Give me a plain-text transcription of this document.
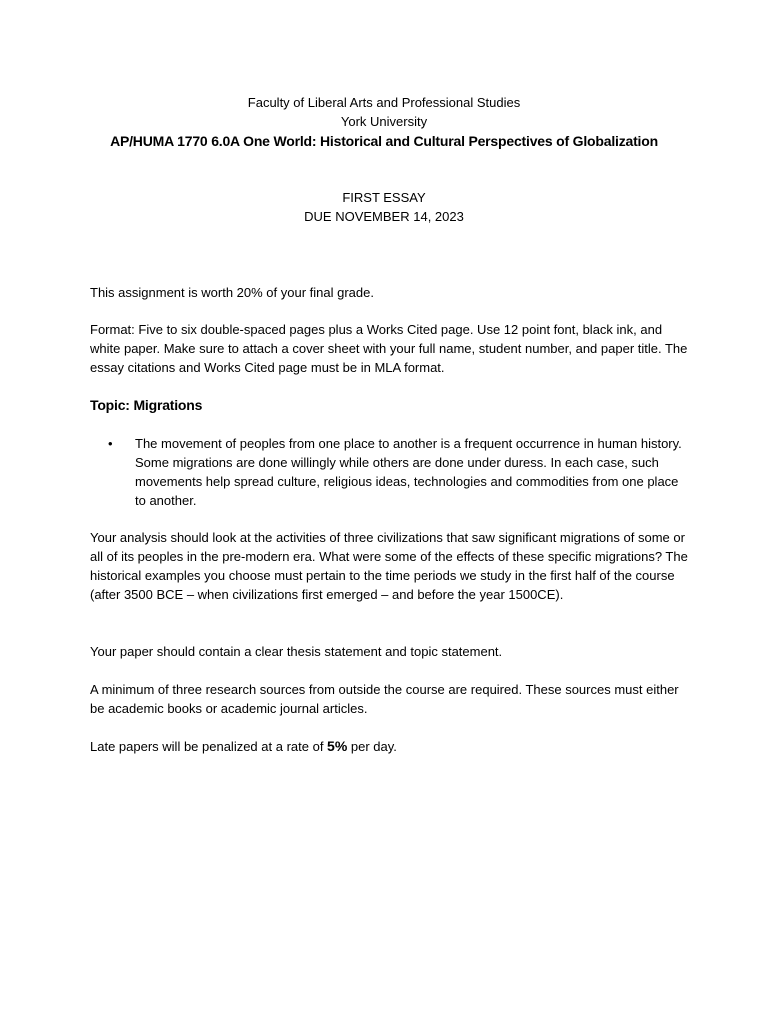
Faculty of Liberal Arts and Professional Studies
York University
AP/HUMA 1770 6.0A One World: Historical and Cultural Perspectives of Globalization
FIRST ESSAY
DUE NOVEMBER 14, 2023
This assignment is worth 20% of your final grade.
Format: Five to six double-spaced pages plus a Works Cited page. Use 12 point font, black ink, and white paper. Make sure to attach a cover sheet with your full name, student number, and paper title. The essay citations and Works Cited page must be in MLA format.
Topic: Migrations
•	The movement of peoples from one place to another is a frequent occurrence in human history. Some migrations are done willingly while others are done under duress. In each case, such movements help spread culture, religious ideas, technologies and commodities from one place to another.
Your analysis should look at the activities of three civilizations that saw significant migrations of some or all of its peoples in the pre-modern era. What were some of the effects of these specific migrations? The historical examples you choose must pertain to the time periods we study in the first half of the course (after 3500 BCE – when civilizations first emerged – and before the year 1500CE).
Your paper should contain a clear thesis statement and topic statement.
A minimum of three research sources from outside the course are required. These sources must either be academic books or academic journal articles.
Late papers will be penalized at a rate of 5% per day.
